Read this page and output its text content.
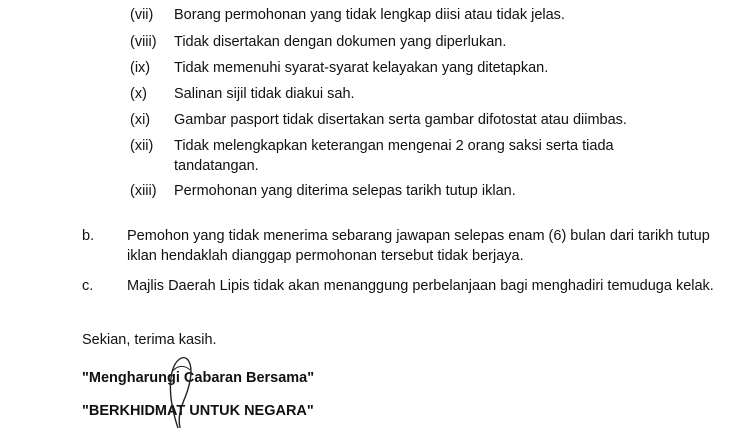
(vii) Borang permohonan yang tidak lengkap diisi atau tidak jelas.
(viii) Tidak disertakan dengan dokumen yang diperlukan.
(ix) Tidak memenuhi syarat-syarat kelayakan yang ditetapkan.
(x) Salinan sijil tidak diakui sah.
(xi) Gambar pasport tidak disertakan serta gambar difotostat atau diimbas.
(xii) Tidak melengkapkan keterangan mengenai 2 orang saksi serta tiada tandatangan.
(xiii) Permohonan yang diterima selepas tarikh tutup iklan.
b. Pemohon yang tidak menerima sebarang jawapan selepas enam (6) bulan dari tarikh tutup iklan hendaklah dianggap permohonan tersebut tidak berjaya.
c. Majlis Daerah Lipis tidak akan menanggung perbelanjaan bagi menghadiri temuduga kelak.
Sekian, terima kasih.
"Mengharungi Cabaran Bersama"
"BERKHIDMAT UNTUK NEGARA"
